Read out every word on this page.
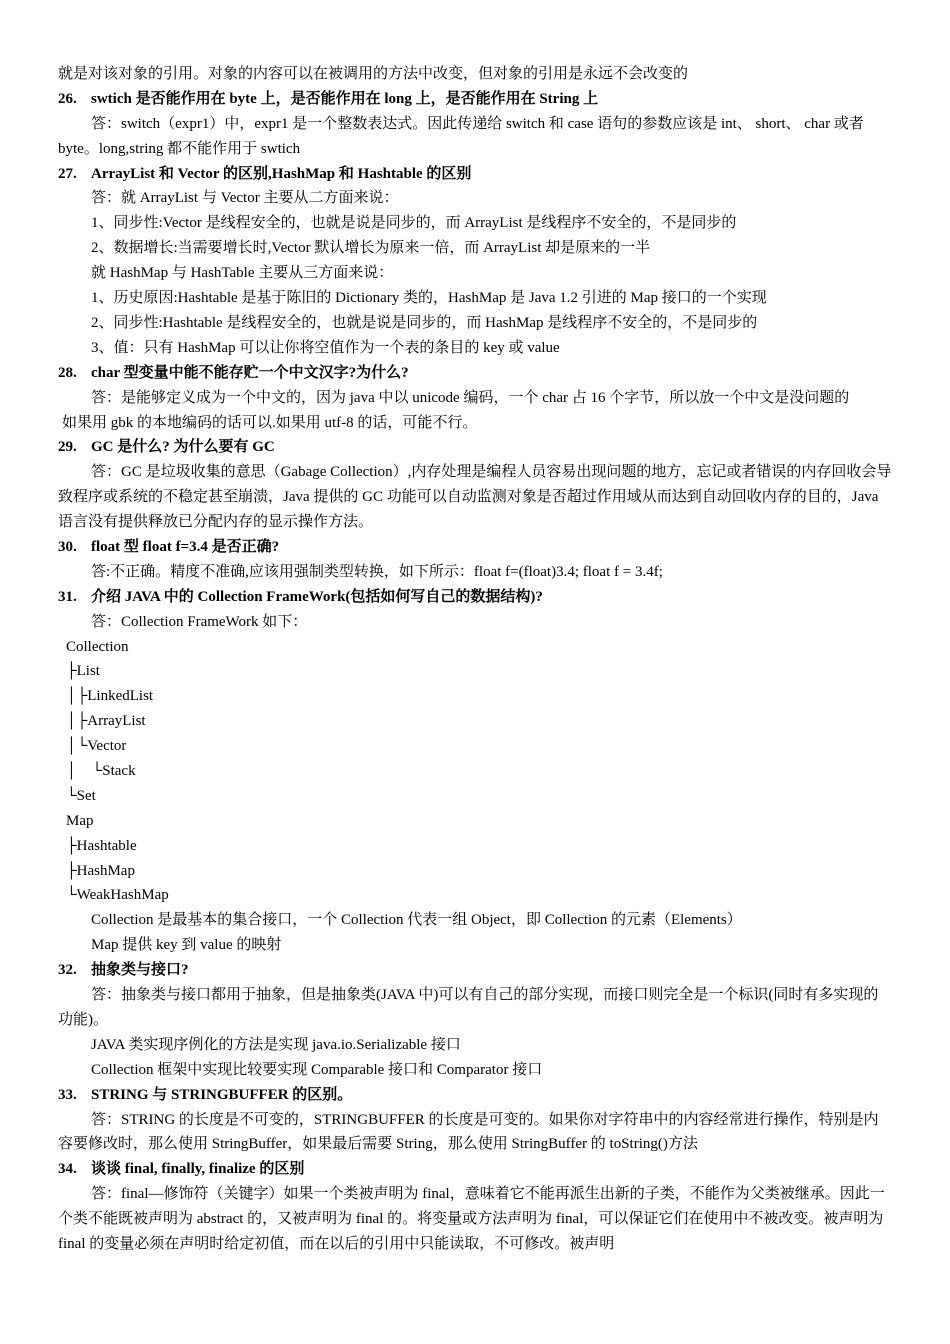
就是对该对象的引用。对象的内容可以在被调用的方法中改变，但对象的引用是永远不会改变的
26. swtich 是否能作用在 byte 上，是否能作用在 long 上，是否能作用在 String 上
答：switch（expr1）中，expr1 是一个整数表达式。因此传递给 switch 和 case 语句的参数应该是 int、 short、 char 或者 byte。long,string 都不能作用于 swtich
27. ArrayList 和 Vector 的区别,HashMap 和 Hashtable 的区别
答：就 ArrayList 与 Vector 主要从二方面来说：
1、同步性:Vector 是线程安全的，也就是说是同步的，而 ArrayList 是线程序不安全的，不是同步的
2、数据增长:当需要增长时,Vector 默认增长为原来一倍，而 ArrayList 却是原来的一半
就 HashMap 与 HashTable 主要从三方面来说：
1、历史原因:Hashtable 是基于陈旧的 Dictionary 类的，HashMap 是 Java 1.2 引进的 Map 接口的一个实现
2、同步性:Hashtable 是线程安全的，也就是说是同步的，而 HashMap 是线程序不安全的，不是同步的
3、值：只有 HashMap 可以让你将空值作为一个表的条目的 key 或 value
28. char 型变量中能不能存贮一个中文汉字?为什么?
答：是能够定义成为一个中文的，因为 java 中以 unicode 编码，一个 char 占 16 个字节，所以放一个中文是没问题的
如果用 gbk 的本地编码的话可以.如果用 utf-8 的话，可能不行。
29. GC 是什么? 为什么要有 GC
答：GC 是垃圾收集的意思（Gabage Collection）,内存处理是编程人员容易出现问题的地方，忘记或者错误的内存回收会导致程序或系统的不稳定甚至崩溃，Java 提供的 GC 功能可以自动监测对象是否超过作用域从而达到自动回收内存的目的，Java 语言没有提供释放已分配内存的显示操作方法。
30. float 型 float f=3.4 是否正确?
答:不正确。精度不准确,应该用强制类型转换，如下所示：float f=(float)3.4; float f = 3.4f;
31. 介绍 JAVA 中的 Collection FrameWork(包括如何写自己的数据结构)?
答：Collection FrameWork 如下：
Collection
├List
│├LinkedList
│├ArrayList
│└Vector
│　└Stack
└Set
Map
├Hashtable
├HashMap
└WeakHashMap
Collection 是最基本的集合接口，一个 Collection 代表一组 Object，即 Collection 的元素（Elements）
Map 提供 key 到 value 的映射
32. 抽象类与接口?
答：抽象类与接口都用于抽象，但是抽象类(JAVA 中)可以有自己的部分实现，而接口则完全是一个标识(同时有多实现的功能)。
JAVA 类实现序例化的方法是实现 java.io.Serializable 接口
Collection 框架中实现比较要实现 Comparable 接口和 Comparator 接口
33. STRING 与 STRINGBUFFER 的区别。
答：STRING 的长度是不可变的，STRINGBUFFER 的长度是可变的。如果你对字符串中的内容经常进行操作，特别是内容要修改时，那么使用 StringBuffer，如果最后需要 String，那么使用 StringBuffer 的 toString()方法
34. 谈谈 final, finally, finalize 的区别
答：final—修饰符（关键字）如果一个类被声明为 final，意味着它不能再派生出新的子类，不能作为父类被继承。因此一个类不能既被声明为 abstract 的，又被声明为 final 的。将变量或方法声明为 final，可以保证它们在使用中不被改变。被声明为 final 的变量必须在声明时给定初值，而在以后的引用中只能读取，不可修改。被声明
